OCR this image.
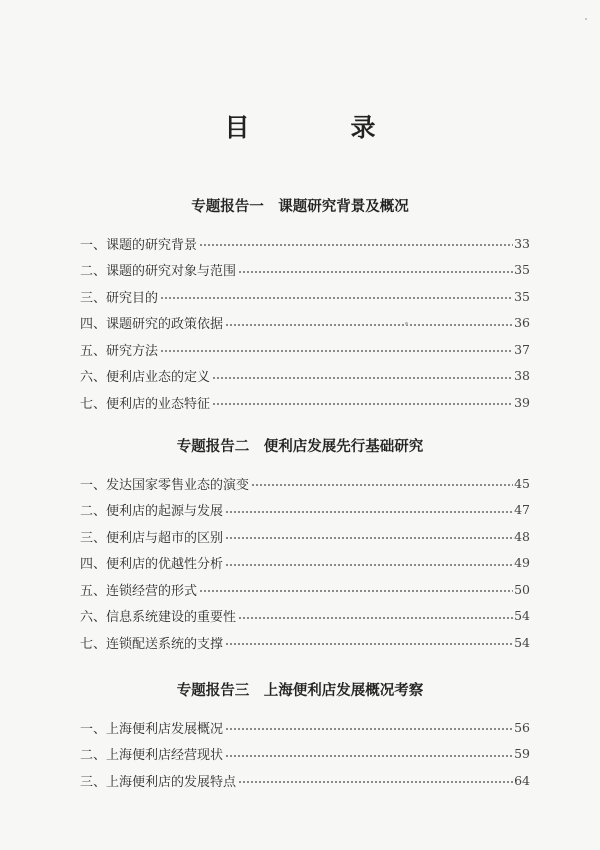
目　录
专题报告一　课题研究背景及概况
一、课题的研究背景	33
二、课题的研究对象与范围	35
三、研究目的	35
四、课题研究的政策依据	36
五、研究方法	37
六、便利店业态的定义	38
七、便利店的业态特征	39
专题报告二　便利店发展先行基础研究
一、发达国家零售业态的演变	45
二、便利店的起源与发展	47
三、便利店与超市的区别	48
四、便利店的优越性分析	49
五、连锁经营的形式	50
六、信息系统建设的重要性	54
七、连锁配送系统的支撑	54
专题报告三　上海便利店发展概况考察
一、上海便利店发展概况	56
二、上海便利店经营现状	59
三、上海便利店的发展特点	64
